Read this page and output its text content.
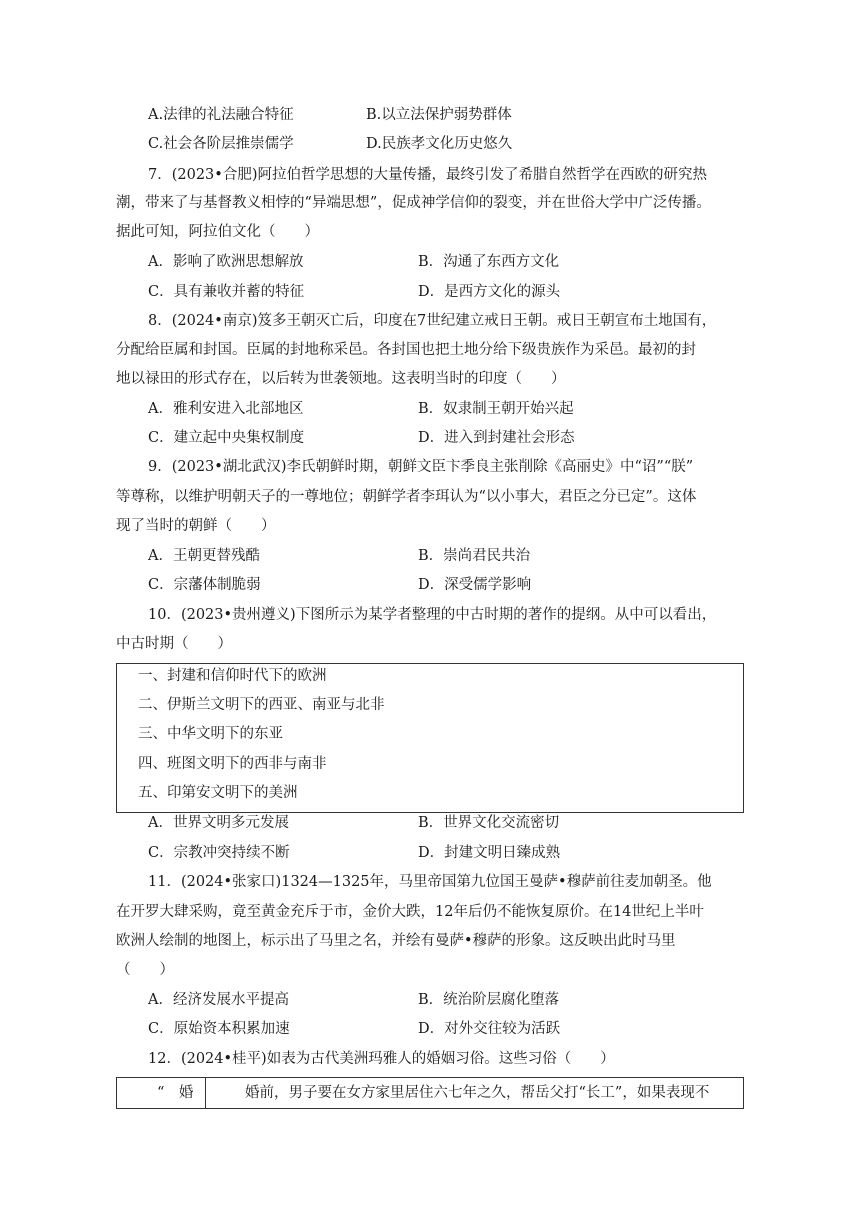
A.法律的礼法融合特征	B.以立法保护弱势群体
C.社会各阶层推崇儒学	D.民族孝文化历史悠久
7．(2023•合肥)阿拉伯哲学思想的大量传播，最终引发了希腊自然哲学在西欧的研究热
潮，带来了与基督教义相悖的“异端思想”，促成神学信仰的裂变，并在世俗大学中广泛传播。
据此可知，阿拉伯文化（　　）
A．影响了欧洲思想解放	B．沟通了东西方文化
C．具有兼收并蓄的特征	D．是西方文化的源头
8．(2024•南京)笈多王朝灭亡后，印度在7世纪建立戒日王朝。戒日王朝宣布土地国有，
分配给臣属和封国。臣属的封地称采邑。各封国也把土地分给下级贵族作为采邑。最初的封
地以禄田的形式存在，以后转为世袭领地。这表明当时的印度（　　）
A．雅利安进入北部地区	B．奴隶制王朝开始兴起
C．建立起中央集权制度	D．进入到封建社会形态
9．(2023•湖北武汉)李氏朝鲜时期，朝鲜文臣卞季良主张削除《高丽史》中“诏”“朕”
等尊称，以维护明朝天子的一尊地位；朝鲜学者李珥认为“以小事大，君臣之分已定”。这体
现了当时的朝鲜（　　）
A．王朝更替残酷	B．崇尚君民共治
C．宗藩体制脆弱	D．深受儒学影响
10．(2023•贵州遵义)下图所示为某学者整理的中古时期的著作的提纲。从中可以看出，
中古时期（　　）
一、封建和信仰时代下的欧洲
二、伊斯兰文明下的西亚、南亚与北非
三、中华文明下的东亚
四、班图文明下的西非与南非
五、印第安文明下的美洲
A．世界文明多元发展	B．世界文化交流密切
C．宗教冲突持续不断	D．封建文明日臻成熟
11．(2024•张家口)1324—1325年，马里帝国第九位国王曼萨•穆萨前往麦加朝圣。他
在开罗大肆采购，竟至黄金充斥于市，金价大跌，12年后仍不能恢复原价。在14世纪上半叶
欧洲人绘制的地图上，标示出了马里之名，并绘有曼萨•穆萨的形象。这反映出此时马里
（　　）
A．经济发展水平提高	B．统治阶层腐化堕落
C．原始资本积累加速	D．对外交往较为活跃
12．(2024•桂平)如表为古代美洲玛雅人的婚姻习俗。这些习俗（　　）
“　婚	婚前，男子要在女方家里居住六七年之久，帮岳父打“长工”，如果表现不
